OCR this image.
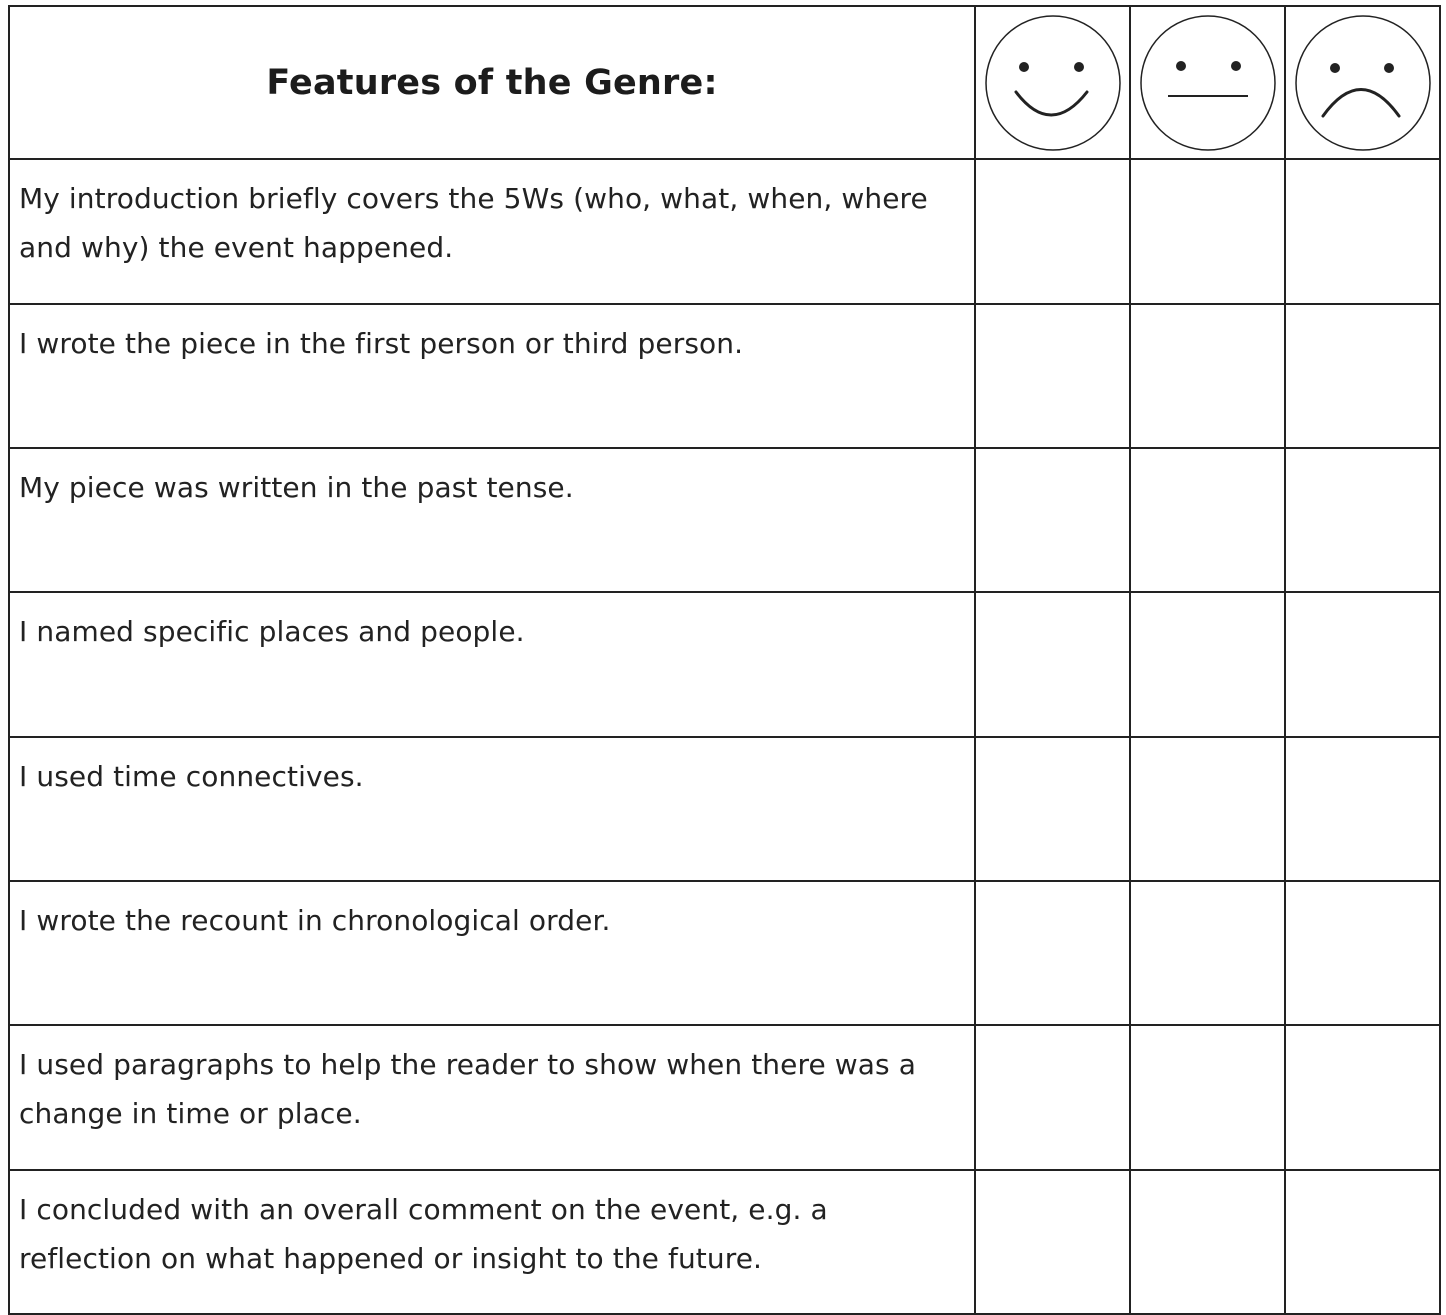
Features of the Genre:	

My introduction briefly covers the 5Ws (who, what, when, where and why) the event happened.			

I wrote the piece in the first person or third person.			

My piece was written in the past tense.			

I named specific places and people.			

I used time connectives.			

I wrote the recount in chronological order.			

I used paragraphs to help the reader to show when there was a change in time or place.			

I concluded with an overall comment on the event, e.g. a reflection on what happened or insight to the future.			
